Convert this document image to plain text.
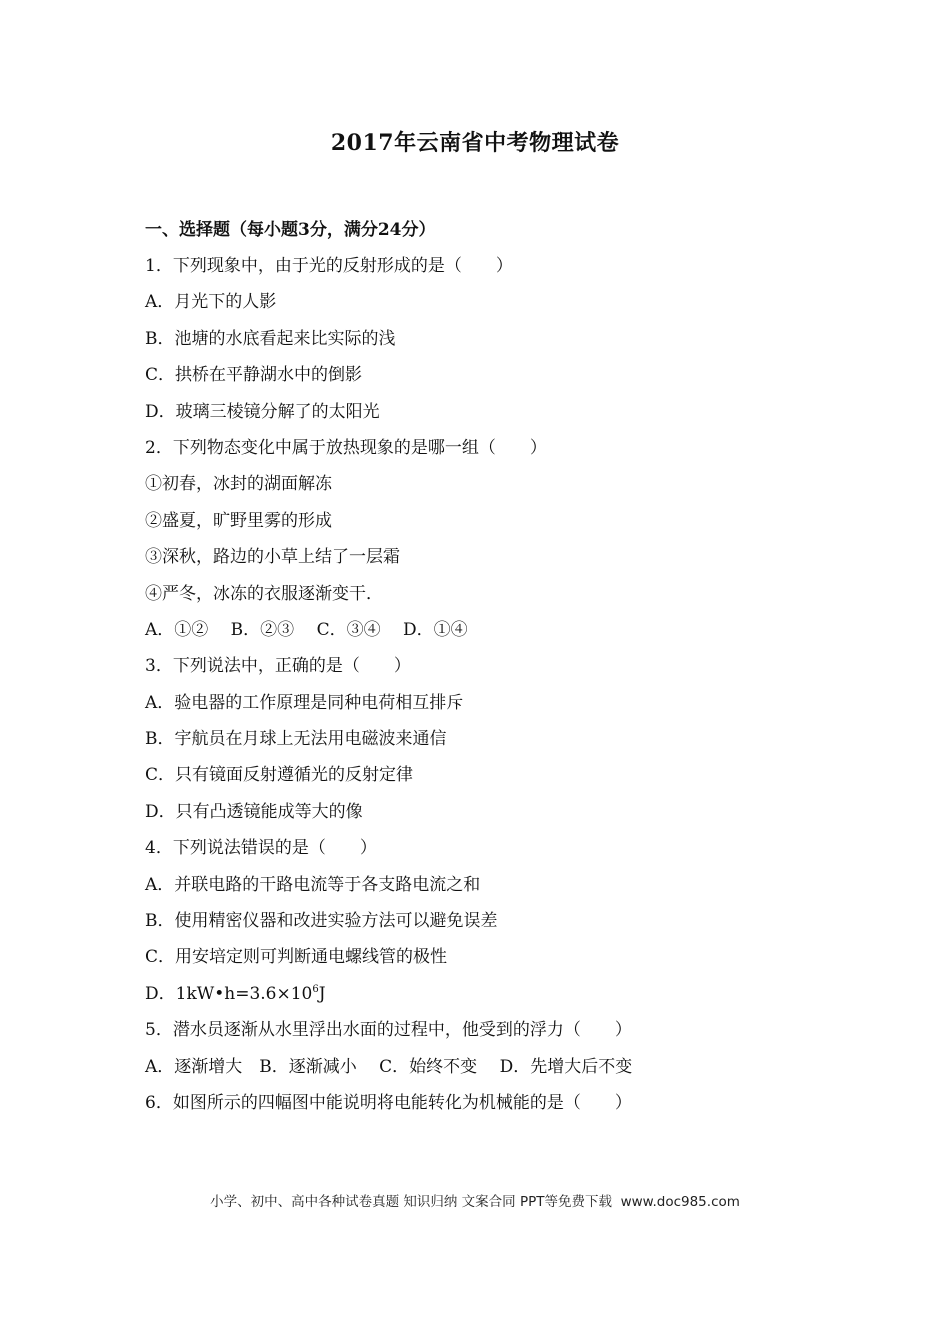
2017年云南省中考物理试卷
一、选择题（每小题3分，满分24分）
1．下列现象中，由于光的反射形成的是（　　）
A．月光下的人影
B．池塘的水底看起来比实际的浅
C．拱桥在平静湖水中的倒影
D．玻璃三棱镜分解了的太阳光
2．下列物态变化中属于放热现象的是哪一组（　　）
①初春，冰封的湖面解冻
②盛夏，旷野里雾的形成
③深秋，路边的小草上结了一层霜
④严冬，冰冻的衣服逐渐变干．
A．①②　 B．②③　 C．③④　 D．①④
3．下列说法中，正确的是（　　）
A．验电器的工作原理是同种电荷相互排斥
B．宇航员在月球上无法用电磁波来通信
C．只有镜面反射遵循光的反射定律
D．只有凸透镜能成等大的像
4．下列说法错误的是（　　）
A．并联电路的干路电流等于各支路电流之和
B．使用精密仪器和改进实验方法可以避免误差
C．用安培定则可判断通电螺线管的极性
D．$1kW•h=3.6\times 10^6J$
5．潜水员逐渐从水里浮出水面的过程中，他受到的浮力（　　）
A．逐渐增大　B．逐渐减小　 C．始终不变　 D．先增大后不变
6．如图所示的四幅图中能说明将电能转化为机械能的是（　　）
小学、初中、高中各种试卷真题 知识归纳 文案合同 PPT等免费下载  www.doc985.com
